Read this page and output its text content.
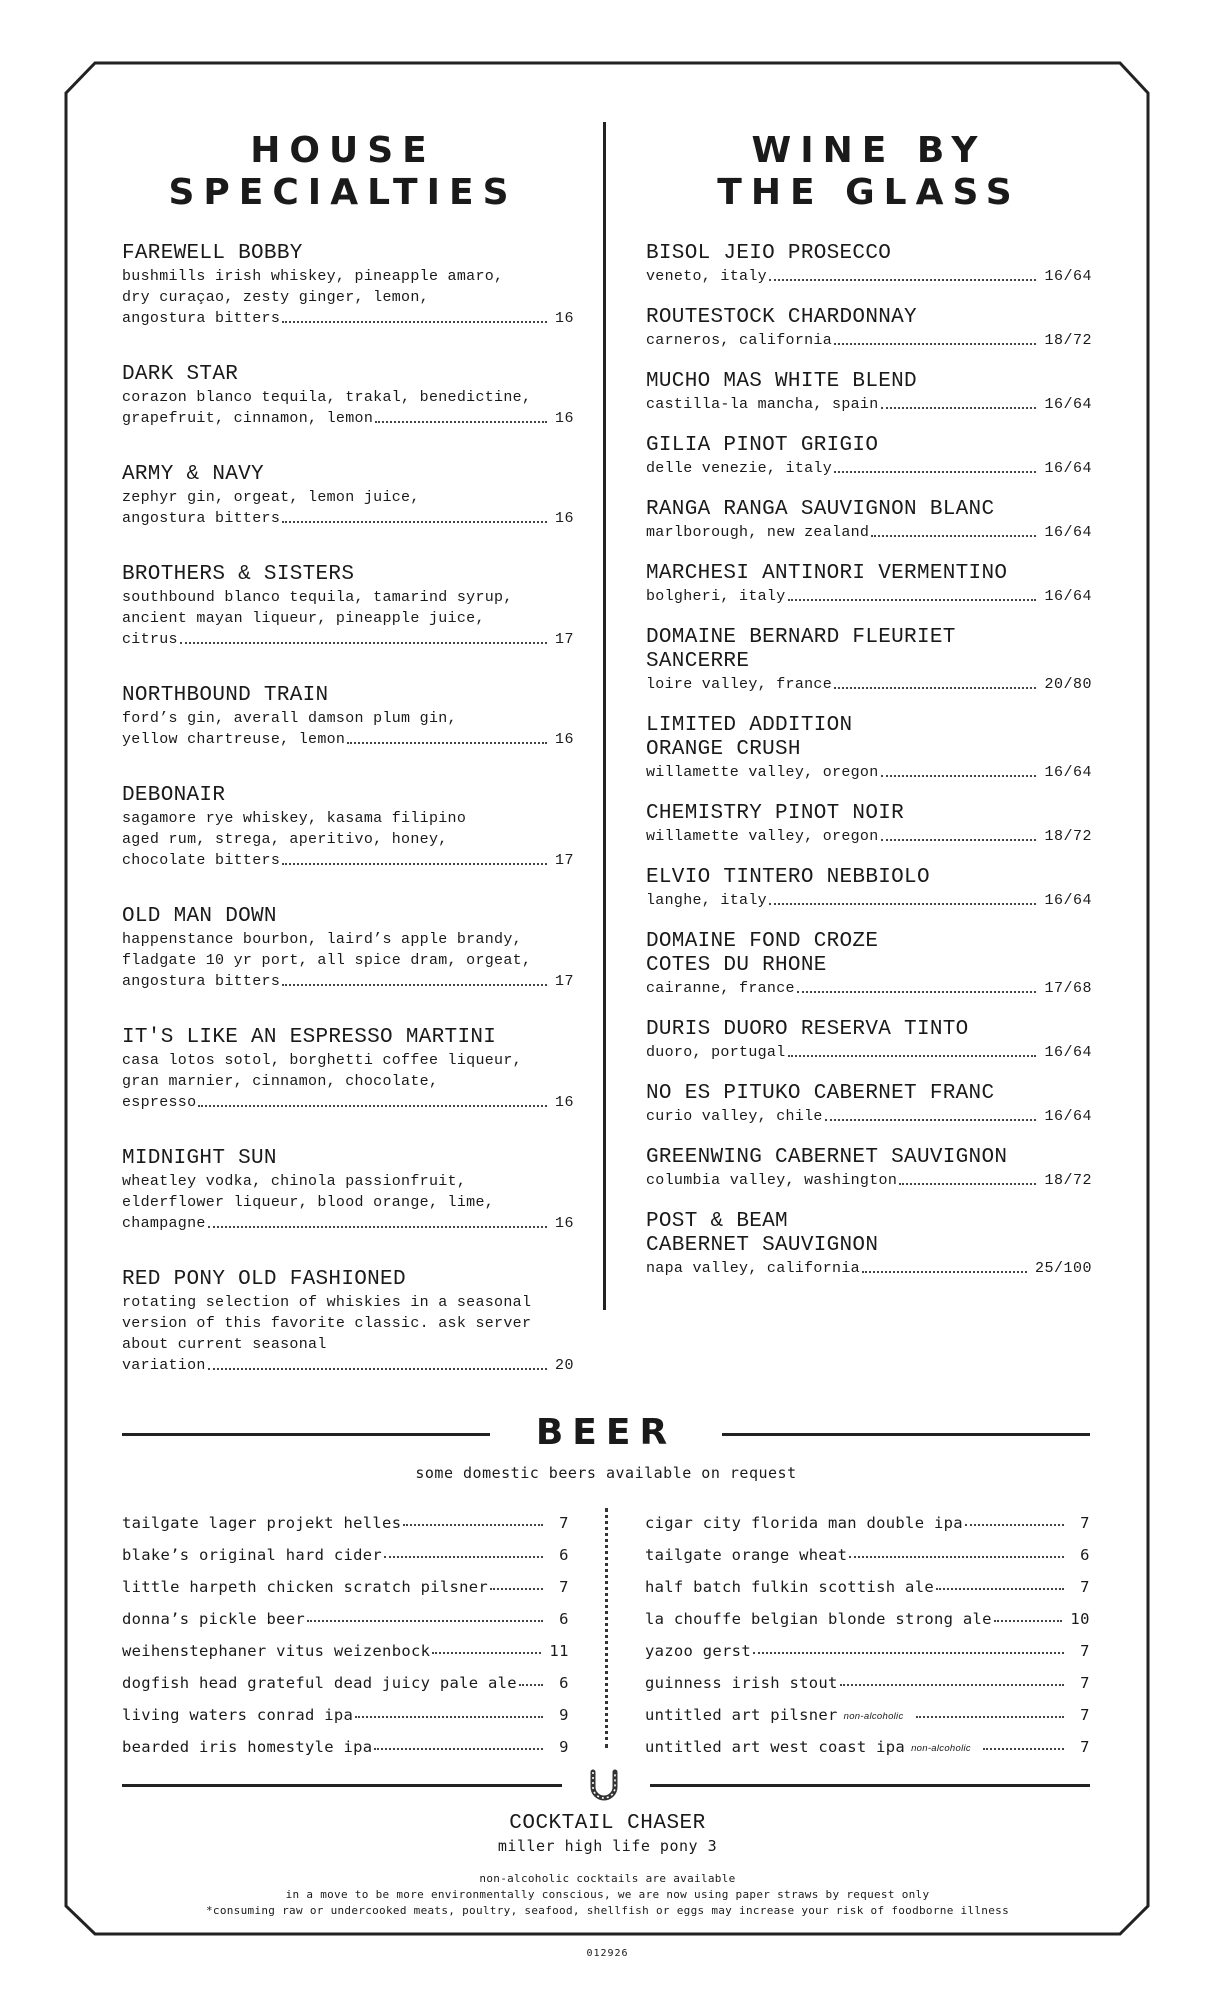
HOUSE
SPECIALTIES
FAREWELL BOBBY
bushmills irish whiskey, pineapple amaro,
dry curaçao, zesty ginger, lemon,
angostura bitters	16
DARK STAR
corazon blanco tequila, trakal, benedictine,
grapefruit, cinnamon, lemon	16
ARMY & NAVY
zephyr gin, orgeat, lemon juice,
angostura bitters	16
BROTHERS & SISTERS
southbound blanco tequila, tamarind syrup,
ancient mayan liqueur, pineapple juice,
citrus	17
NORTHBOUND TRAIN
ford’s gin, averall damson plum gin,
yellow chartreuse, lemon	16
DEBONAIR
sagamore rye whiskey, kasama filipino
aged rum, strega, aperitivo, honey,
chocolate bitters	17
OLD MAN DOWN
happenstance bourbon, laird’s apple brandy,
fladgate 10 yr port, all spice dram, orgeat,
angostura bitters	17
IT'S LIKE AN ESPRESSO MARTINI
casa lotos sotol, borghetti coffee liqueur,
gran marnier, cinnamon, chocolate,
espresso	16
MIDNIGHT SUN
wheatley vodka, chinola passionfruit,
elderflower liqueur, blood orange, lime,
champagne	16
RED PONY OLD FASHIONED
rotating selection of whiskies in a seasonal
version of this favorite classic. ask server
about current seasonal
variation	20
WINE BY
THE GLASS
BISOL JEIO PROSECCO
veneto, italy	16/64
ROUTESTOCK CHARDONNAY
carneros, california	18/72
MUCHO MAS WHITE BLEND
castilla-la mancha, spain	16/64
GILIA PINOT GRIGIO
delle venezie, italy	16/64
RANGA RANGA SAUVIGNON BLANC
marlborough, new zealand	16/64
MARCHESI ANTINORI VERMENTINO
bolgheri, italy	16/64
DOMAINE BERNARD FLEURIET
SANCERRE
loire valley, france	20/80
LIMITED ADDITION
ORANGE CRUSH
willamette valley, oregon	16/64
CHEMISTRY PINOT NOIR
willamette valley, oregon	18/72
ELVIO TINTERO NEBBIOLO
langhe, italy	16/64
DOMAINE FOND CROZE
COTES DU RHONE
cairanne, france	17/68
DURIS DUORO RESERVA TINTO
duoro, portugal	16/64
NO ES PITUKO CABERNET FRANC
curio valley, chile	16/64
GREENWING CABERNET SAUVIGNON
columbia valley, washington	18/72
POST & BEAM
CABERNET SAUVIGNON
napa valley, california	25/100
BEER
some domestic beers available on request
tailgate lager projekt helles	7
blake’s original hard cider	6
little harpeth chicken scratch pilsner	7
donna’s pickle beer	6
weihenstephaner vitus weizenbock	11
dogfish head grateful dead juicy pale ale	6
living waters conrad ipa	9
bearded iris homestyle ipa	9
cigar city florida man double ipa	7
tailgate orange wheat	6
half batch fulkin scottish ale	7
la chouffe belgian blonde strong ale	10
yazoo gerst	7
guinness irish stout	7
untitled art pilsner non-alcoholic	7
untitled art west coast ipa non-alcoholic	7
COCKTAIL CHASER
miller high life pony 3
non-alcoholic cocktails are available
in a move to be more environmentally conscious, we are now using paper straws by request only
*consuming raw or undercooked meats, poultry, seafood, shellfish or eggs may increase your risk of foodborne illness
012926
